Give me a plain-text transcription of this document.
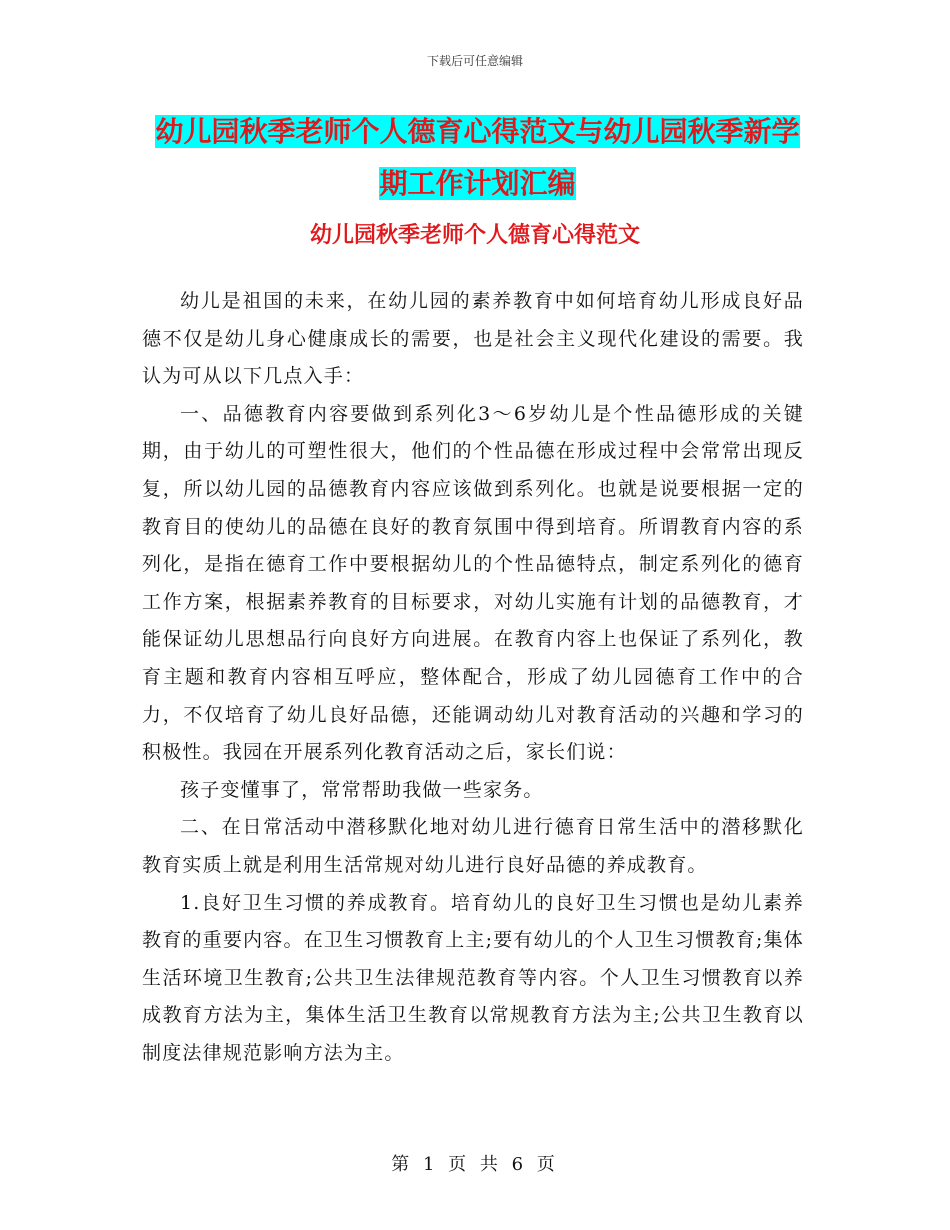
下载后可任意编辑
幼儿园秋季老师个人德育心得范文与幼儿园秋季新学
期工作计划汇编
幼儿园秋季老师个人德育心得范文

幼儿是祖国的未来，在幼儿园的素养教育中如何培育幼儿形成良好品德不仅是幼儿身心健康成长的需要，也是社会主义现代化建设的需要。我认为可从以下几点入手：

一、品德教育内容要做到系列化3～6岁幼儿是个性品德形成的关键期，由于幼儿的可塑性很大，他们的个性品德在形成过程中会常常出现反复，所以幼儿园的品德教育内容应该做到系列化。也就是说要根据一定的教育目的使幼儿的品德在良好的教育氛围中得到培育。所谓教育内容的系列化，是指在德育工作中要根据幼儿的个性品德特点，制定系列化的德育工作方案，根据素养教育的目标要求，对幼儿实施有计划的品德教育，才能保证幼儿思想品行向良好方向进展。在教育内容上也保证了系列化，教育主题和教育内容相互呼应，整体配合，形成了幼儿园德育工作中的合力，不仅培育了幼儿良好品德，还能调动幼儿对教育活动的兴趣和学习的积极性。我园在开展系列化教育活动之后，家长们说：

孩子变懂事了，常常帮助我做一些家务。

二、在日常活动中潜移默化地对幼儿进行德育日常生活中的潜移默化教育实质上就是利用生活常规对幼儿进行良好品德的养成教育。

1.良好卫生习惯的养成教育。培育幼儿的良好卫生习惯也是幼儿素养教育的重要内容。在卫生习惯教育上主;要有幼儿的个人卫生习惯教育;集体生活环境卫生教育;公共卫生法律规范教育等内容。个人卫生习惯教育以养成教育方法为主，集体生活卫生教育以常规教育方法为主;公共卫生教育以制度法律规范影响方法为主。

第 1 页 共 6 页
